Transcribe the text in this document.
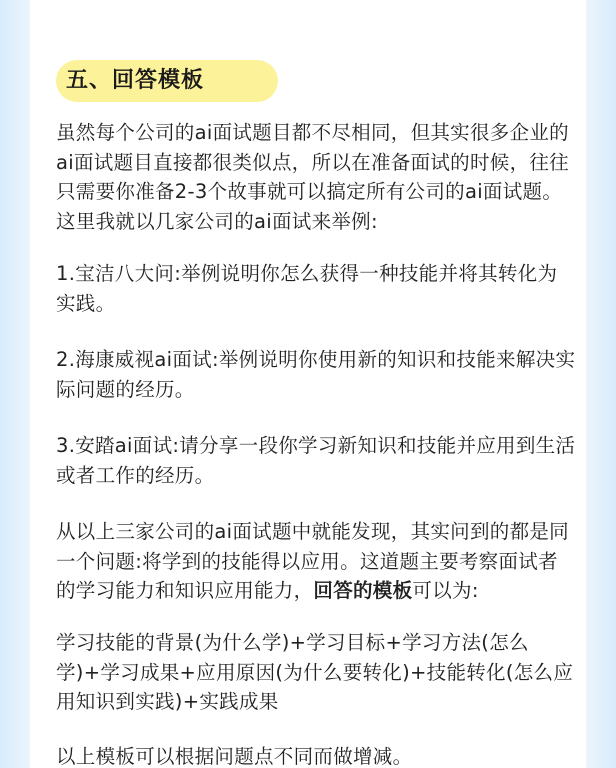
五、回答模板
虽然每个公司的ai面试题目都不尽相同，但其实很多企业的ai面试题目直接都很类似点，所以在准备面试的时候，往往只需要你准备2-3个故事就可以搞定所有公司的ai面试题。这里我就以几家公司的ai面试来举例:
1.宝洁八大问:举例说明你怎么获得一种技能并将其转化为实践。
2.海康威视ai面试:举例说明你使用新的知识和技能来解决实际问题的经历。
3.安踏ai面试:请分享一段你学习新知识和技能并应用到生活或者工作的经历。
从以上三家公司的ai面试题中就能发现，其实问到的都是同一个问题:将学到的技能得以应用。这道题主要考察面试者的学习能力和知识应用能力，回答的模板可以为:
学习技能的背景(为什么学)+学习目标+学习方法(怎么学)+学习成果+应用原因(为什么要转化)+技能转化(怎么应用知识到实践)+实践成果
以上模板可以根据问题点不同而做增减。
